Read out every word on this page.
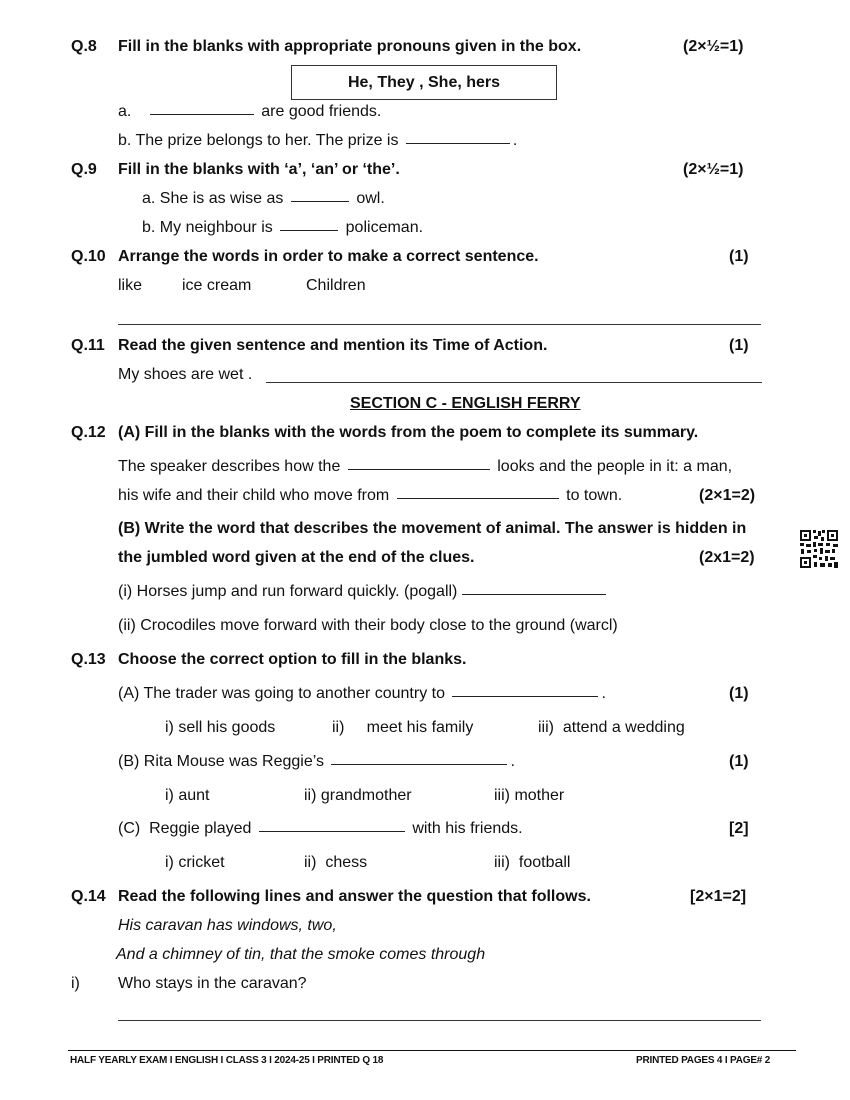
Q.8 Fill in the blanks with appropriate pronouns given in the box.	(2×½=1)
He, They , She, hers
a.	are good friends.
b. The prize belongs to her. The prize is	.
Q.9 Fill in the blanks with ‘a’, ‘an’ or ‘the’.	(2×½=1)
a. She is as wise as	owl.
b. My neighbour is	policeman.
Q.10 Arrange the words in order to make a correct sentence.	(1)
like ice cream	Children
Q.11 Read the given sentence and mention its Time of Action.	(1)
My shoes are wet .
SECTION C - ENGLISH FERRY
Q.12 (A) Fill in the blanks with the words from the poem to complete its summary.
The speaker describes how the	looks and the people in it: a man,
his wife and their child who move from	to town.	(2×1=2)
(B) Write the word that describes the movement of animal. The answer is hidden in
the jumbled word given at the end of the clues.	(2x1=2)
(i) Horses jump and run forward quickly. (pogall)
(ii) Crocodiles move forward with their body close to the ground (warcl)
Q.13 Choose the correct option to fill in the blanks.
(A) The trader was going to another country to	.	(1)
i) sell his goods	ii)     meet his family	iii)  attend a wedding
(B) Rita Mouse was Reggie’s	.	(1)
i) aunt	ii) grandmother	iii) mother
(C)  Reggie played	with his friends.	[2]
i) cricket	ii)  chess	iii)  football
Q.14 Read the following lines and answer the question that follows.	[2×1=2]
His caravan has windows, two,
And a chimney of tin, that the smoke comes through
i) Who stays in the caravan?
HALF YEARLY EXAM I ENGLISH I CLASS 3 I 2024-25 I PRINTED Q 18	PRINTED PAGES 4 I PAGE# 2
